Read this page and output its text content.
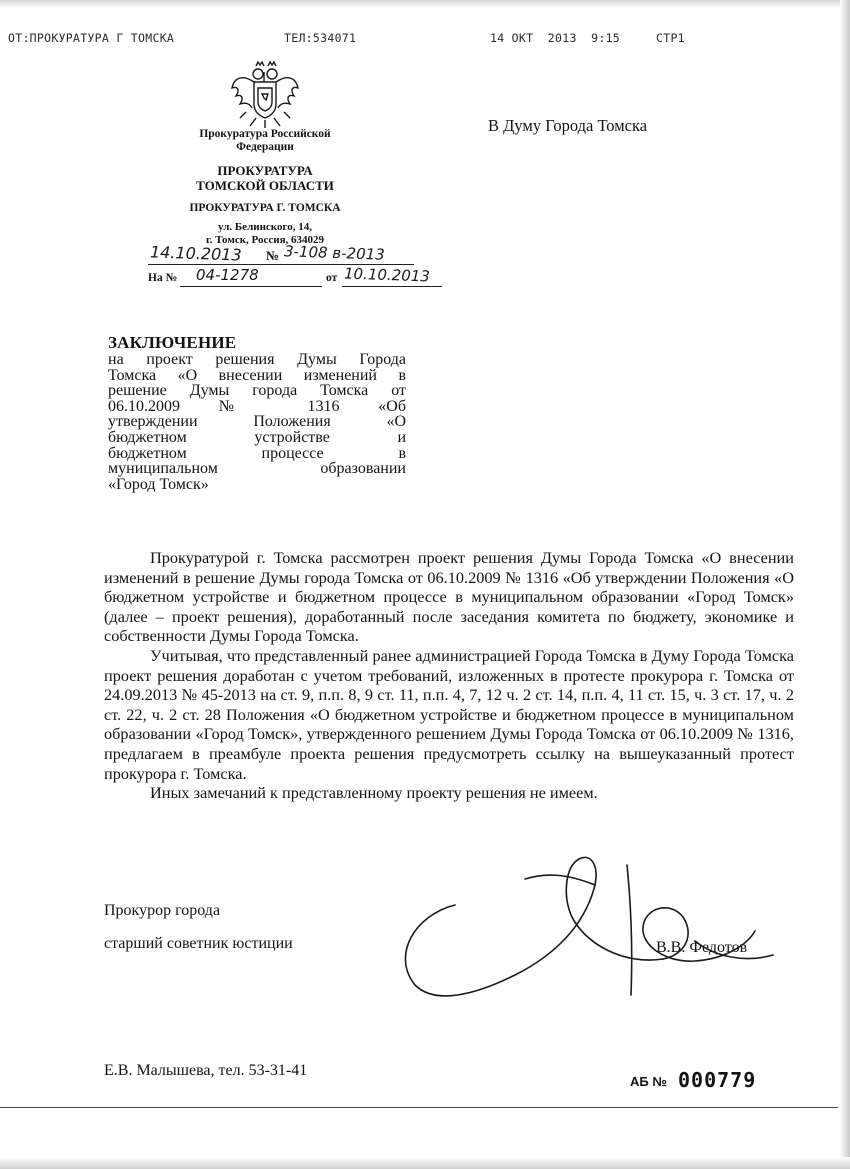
ОТ:ПРОКУРАТУРА Г ТОМСКА	ТЕЛ:534071	14 ОКТ  2013  9:15	СТР1
Прокуратура Российской
Федерации
ПРОКУРАТУРА
ТОМСКОЙ ОБЛАСТИ
ПРОКУРАТУРА Г. ТОМСКА
ул. Белинского, 14,
г. Томск, Россия, 634029
14.10.2013 № 3-108 в-2013
На № 04-1278	от 10.10.2013
В Думу Города Томска
ЗАКЛЮЧЕНИЕ
на проект решения Думы Города
Томска «О внесении изменений в
решение Думы города Томска от
06.10.2009 № 1316 «Об
утверждении Положения «О
бюджетном устройстве и
бюджетном процессе в
муниципальном образовании
«Город Томск»

Прокуратурой г. Томска рассмотрен проект решения Думы Города Томска «О внесении изменений в решение Думы города Томска от 06.10.2009 № 1316 «Об утверждении Положения «О бюджетном устройстве и бюджетном процессе в муниципальном образовании «Город Томск» (далее – проект решения), доработанный после заседания комитета по бюджету, экономике и собственности Думы Города Томска.

Учитывая, что представленный ранее администрацией Города Томска в Думу Города Томска проект решения доработан с учетом требований, изложенных в протесте прокурора г. Томска от 24.09.2013 № 45-2013 на ст. 9, п.п. 8, 9 ст. 11, п.п. 4, 7, 12 ч. 2 ст. 14, п.п. 4, 11 ст. 15, ч. 3 ст. 17, ч. 2 ст. 22, ч. 2 ст. 28 Положения «О бюджетном устройстве и бюджетном процессе в муниципальном образовании «Город Томск», утвержденного решением Думы Города Томска от 06.10.2009 № 1316, предлагаем в преамбуле проекта решения предусмотреть ссылку на вышеуказанный протест прокурора г. Томска.

Иных замечаний к представленному проекту решения не имеем.

Прокурор города
старший советник юстиции	В.В. Федотов
Е.В. Малышева, тел. 53-31-41
АБ № 000779
